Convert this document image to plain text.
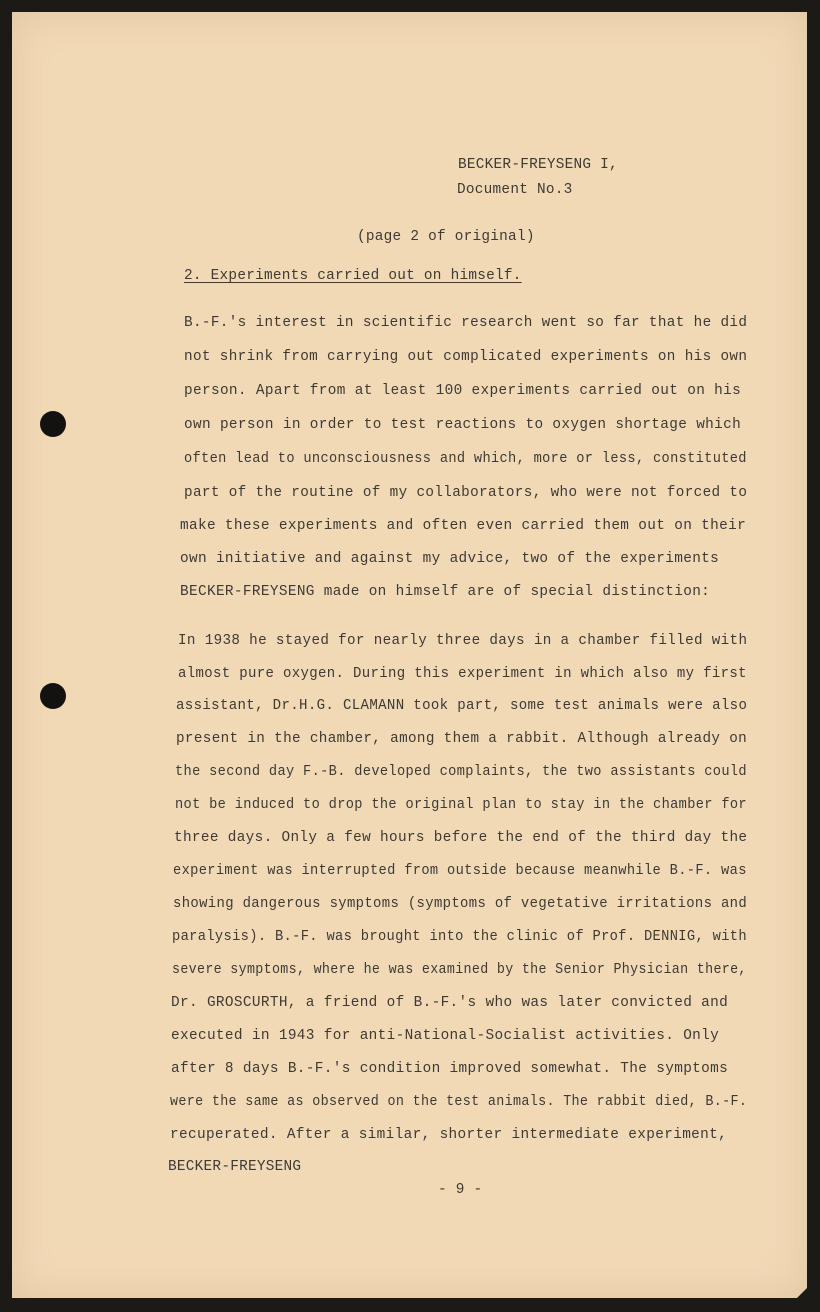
BECKER-FREYSENG I,
Document No.3
(page 2 of original)
2. Experiments carried out on himself.
B.-F.'s interest in scientific research went so far that he did
not shrink from carrying out complicated experiments on his own
person. Apart from at least 100 experiments carried out on his
own person in order to test reactions to oxygen shortage which
often lead to unconsciousness and which, more or less, constituted
part of the routine of my collaborators, who were not forced to
make these experiments and often even carried them out on their
own initiative and against my advice, two of the experiments
BECKER-FREYSENG made on himself are of special distinction:
In 1938 he stayed for nearly three days in a chamber filled with
almost pure oxygen. During this experiment in which also my first
assistant, Dr.H.G. CLAMANN took part, some test animals were also
present in the chamber, among them a rabbit. Although already on
the second day F.-B. developed complaints, the two assistants could
not be induced to drop the original plan to stay in the chamber for
three days. Only a few hours before the end of the third day the
experiment was interrupted from outside because meanwhile B.-F. was
showing dangerous symptoms (symptoms of vegetative irritations and
paralysis). B.-F. was brought into the clinic of Prof. DENNIG, with
severe symptoms, where he was examined by the Senior Physician there,
Dr. GROSCURTH, a friend of B.-F.'s who was later convicted and
executed in 1943 for anti-National-Socialist activities. Only
after 8 days B.-F.'s condition improved somewhat. The symptoms
were the same as observed on the test animals. The rabbit died, B.-F.
recuperated. After a similar, shorter intermediate experiment,
BECKER-FREYSENG
- 9 -
